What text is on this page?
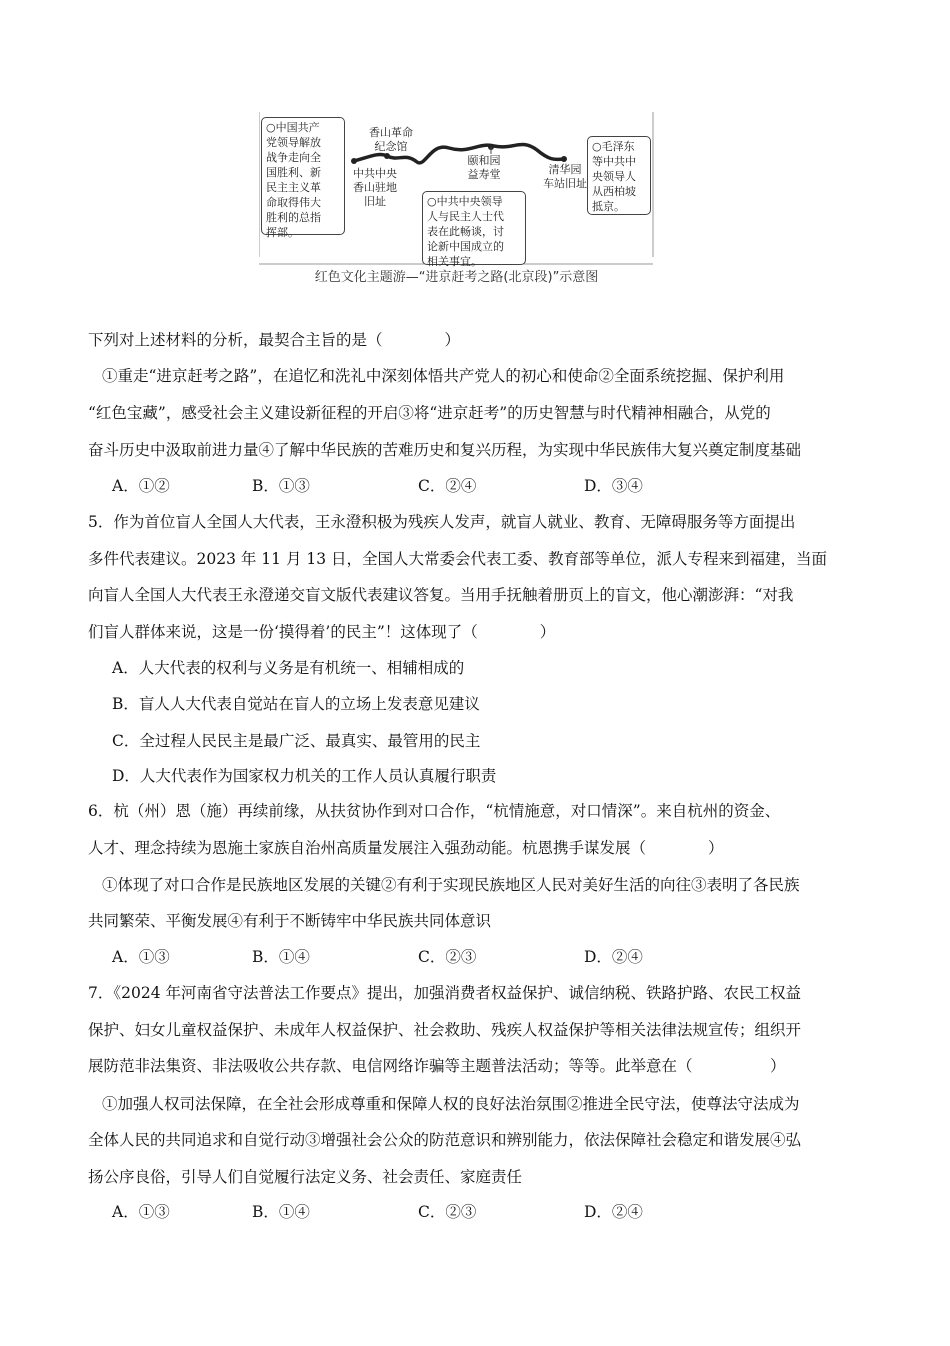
○中国共产
党领导解放
战争走向全
国胜利、新
民主主义革
命取得伟大
胜利的总指
挥部。
香山革命
纪念馆
中共中央
香山驻地
旧址
颐和园
益寿堂	清华园
车站旧址
○中共中央领导
人与民主人士代
表在此畅谈，讨
论新中国成立的
相关事宜。
○毛泽东
等中共中
央领导人
从西柏坡
抵京。
红色文化主题游—“进京赶考之路(北京段)”示意图
下列对上述材料的分析，最契合主旨的是（　　　　）
①重走“进京赶考之路”，在追忆和洗礼中深刻体悟共产党人的初心和使命②全面系统挖掘、保护利用
“红色宝藏”，感受社会主义建设新征程的开启③将“进京赶考”的历史智慧与时代精神相融合，从党的
奋斗历史中汲取前进力量④了解中华民族的苦难历史和复兴历程，为实现中华民族伟大复兴奠定制度基础
A．①②	B．①③	C．②④	D．③④
5．作为首位盲人全国人大代表，王永澄积极为残疾人发声，就盲人就业、教育、无障碍服务等方面提出
多件代表建议。2023 年 11 月 13 日，全国人大常委会代表工委、教育部等单位，派人专程来到福建，当面
向盲人全国人大代表王永澄递交盲文版代表建议答复。当用手抚触着册页上的盲文，他心潮澎湃：“对我
们盲人群体来说，这是一份‘摸得着’的民主”！这体现了（　　　　）
A．人大代表的权利与义务是有机统一、相辅相成的
B．盲人人大代表自觉站在盲人的立场上发表意见建议
C．全过程人民民主是最广泛、最真实、最管用的民主
D．人大代表作为国家权力机关的工作人员认真履行职责
6．杭（州）恩（施）再续前缘，从扶贫协作到对口合作，“杭情施意，对口情深”。来自杭州的资金、
人才、理念持续为恩施土家族自治州高质量发展注入强劲动能。杭恩携手谋发展（　　　　）
①体现了对口合作是民族地区发展的关键②有利于实现民族地区人民对美好生活的向往③表明了各民族
共同繁荣、平衡发展④有利于不断铸牢中华民族共同体意识
A．①③	B．①④	C．②③	D．②④
7．《2024 年河南省守法普法工作要点》提出，加强消费者权益保护、诚信纳税、铁路护路、农民工权益
保护、妇女儿童权益保护、未成年人权益保护、社会救助、残疾人权益保护等相关法律法规宣传；组织开
展防范非法集资、非法吸收公共存款、电信网络诈骗等主题普法活动；等等。此举意在（　　　　　）
①加强人权司法保障，在全社会形成尊重和保障人权的良好法治氛围②推进全民守法，使尊法守法成为
全体人民的共同追求和自觉行动③增强社会公众的防范意识和辨别能力，依法保障社会稳定和谐发展④弘
扬公序良俗，引导人们自觉履行法定义务、社会责任、家庭责任
A．①③	B．①④	C．②③	D．②④
